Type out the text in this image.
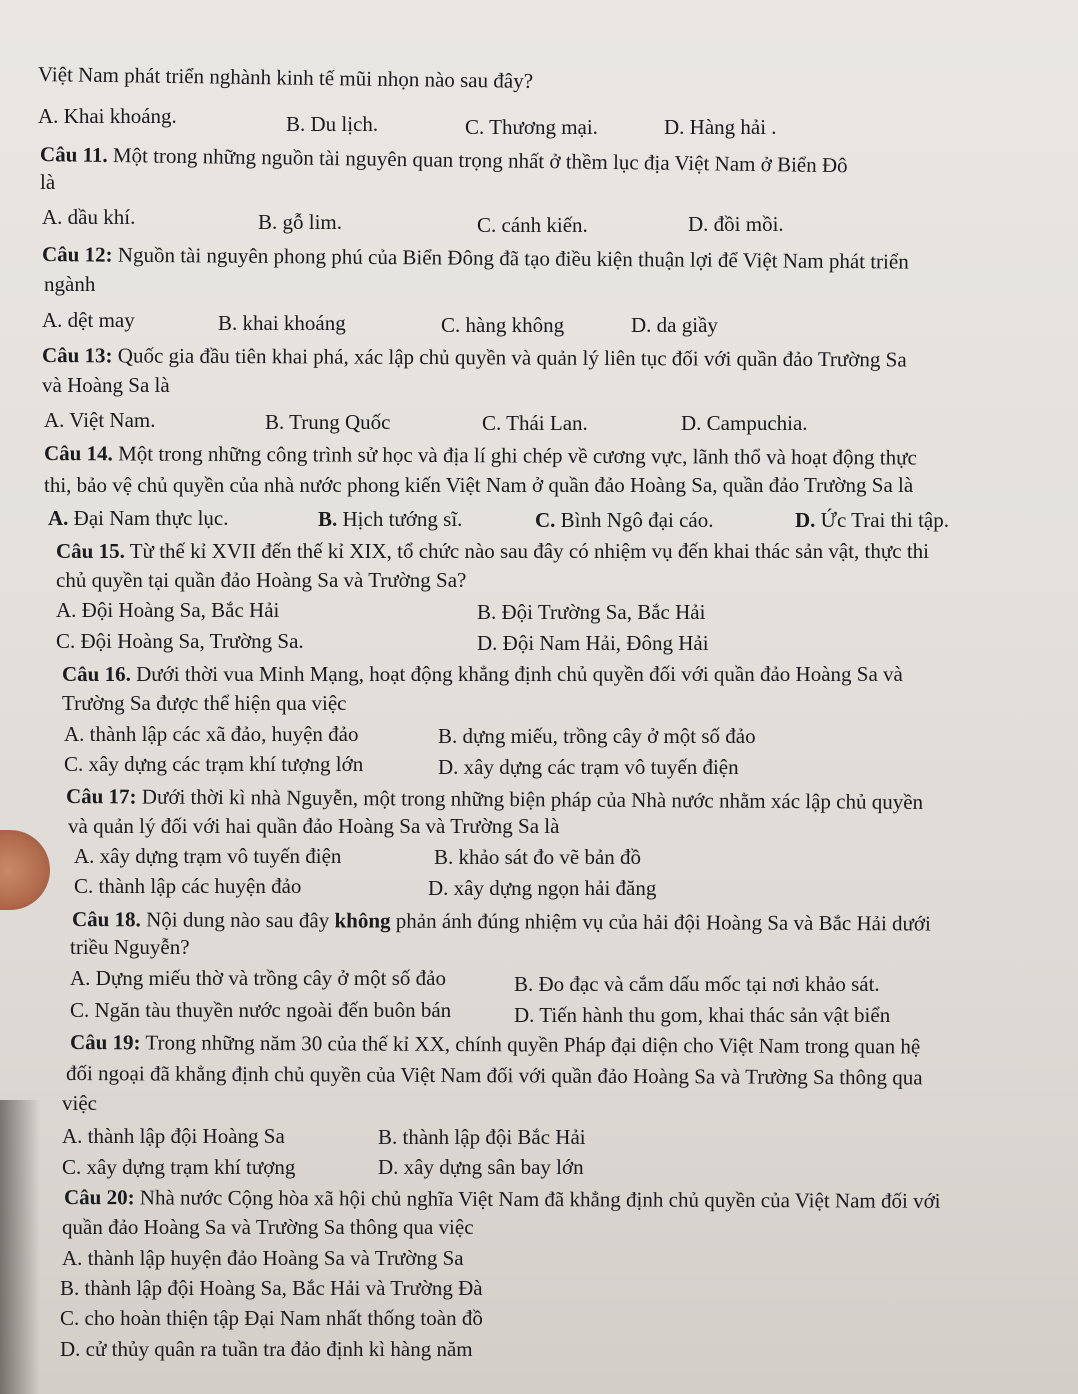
Việt Nam phát triển nghành kinh tế mũi nhọn nào sau đây?
A. Khai khoáng.	B. Du lịch.	C. Thương mại.	D. Hàng hải .
Câu 11. Một trong những nguồn tài nguyên quan trọng nhất ở thềm lục địa Việt Nam ở Biển Đô
là
A. dầu khí.	B. gỗ lim.	C. cánh kiến.	D. đồi mồi.
Câu 12: Nguồn tài nguyên phong phú của Biển Đông đã tạo điều kiện thuận lợi để Việt Nam phát triển
ngành
A. dệt may	B. khai khoáng	C. hàng không	D. da giầy
Câu 13: Quốc gia đầu tiên khai phá, xác lập chủ quyền và quản lý liên tục đối với quần đảo Trường Sa
và Hoàng Sa là
A. Việt Nam.	B. Trung Quốc	C. Thái Lan.	D. Campuchia.
Câu 14. Một trong những công trình sử học và địa lí ghi chép về cương vực, lãnh thổ và hoạt động thực
thi, bảo vệ chủ quyền của nhà nước phong kiến Việt Nam ở quần đảo Hoàng Sa, quần đảo Trường Sa là
A. Đại Nam thực lục.	B. Hịch tướng sĩ.	C. Bình Ngô đại cáo.	D. Ức Trai thi tập.
Câu 15. Từ thế kỉ XVII đến thế kỉ XIX, tổ chức nào sau đây có nhiệm vụ đến khai thác sản vật, thực thi
chủ quyền tại quần đảo Hoàng Sa và Trường Sa?
A. Đội Hoàng Sa, Bắc Hải	B. Đội Trường Sa, Bắc Hải
C. Đội Hoàng Sa, Trường Sa.	D. Đội Nam Hải, Đông Hải
Câu 16. Dưới thời vua Minh Mạng, hoạt động khẳng định chủ quyền đối với quần đảo Hoàng Sa và
Trường Sa được thể hiện qua việc
A. thành lập các xã đảo, huyện đảo	B. dựng miếu, trồng cây ở một số đảo
C. xây dựng các trạm khí tượng lớn	D. xây dựng các trạm vô tuyến điện
Câu 17: Dưới thời kì nhà Nguyễn, một trong những biện pháp của Nhà nước nhằm xác lập chủ quyền
và quản lý đối với hai quần đảo Hoàng Sa và Trường Sa là
A. xây dựng trạm vô tuyến điện	B. khảo sát đo vẽ bản đồ
C. thành lập các huyện đảo	D. xây dựng ngọn hải đăng
Câu 18. Nội dung nào sau đây không phản ánh đúng nhiệm vụ của hải đội Hoàng Sa và Bắc Hải dưới
triều Nguyễn?
A. Dựng miếu thờ và trồng cây ở một số đảo	B. Đo đạc và cắm dấu mốc tại nơi khảo sát.
C. Ngăn tàu thuyền nước ngoài đến buôn bán	D. Tiến hành thu gom, khai thác sản vật biển
Câu 19: Trong những năm 30 của thế kỉ XX, chính quyền Pháp đại diện cho Việt Nam trong quan hệ
đối ngoại đã khẳng định chủ quyền của Việt Nam đối với quần đảo Hoàng Sa và Trường Sa thông qua
việc
A. thành lập đội Hoàng Sa	B. thành lập đội Bắc Hải
C. xây dựng trạm khí tượng	D. xây dựng sân bay lớn
Câu 20: Nhà nước Cộng hòa xã hội chủ nghĩa Việt Nam đã khẳng định chủ quyền của Việt Nam đối với
quần đảo Hoàng Sa và Trường Sa thông qua việc
A. thành lập huyện đảo Hoàng Sa và Trường Sa
B. thành lập đội Hoàng Sa, Bắc Hải và Trường Đà
C. cho hoàn thiện tập Đại Nam nhất thống toàn đồ
D. cử thủy quân ra tuần tra đảo định kì hàng năm
